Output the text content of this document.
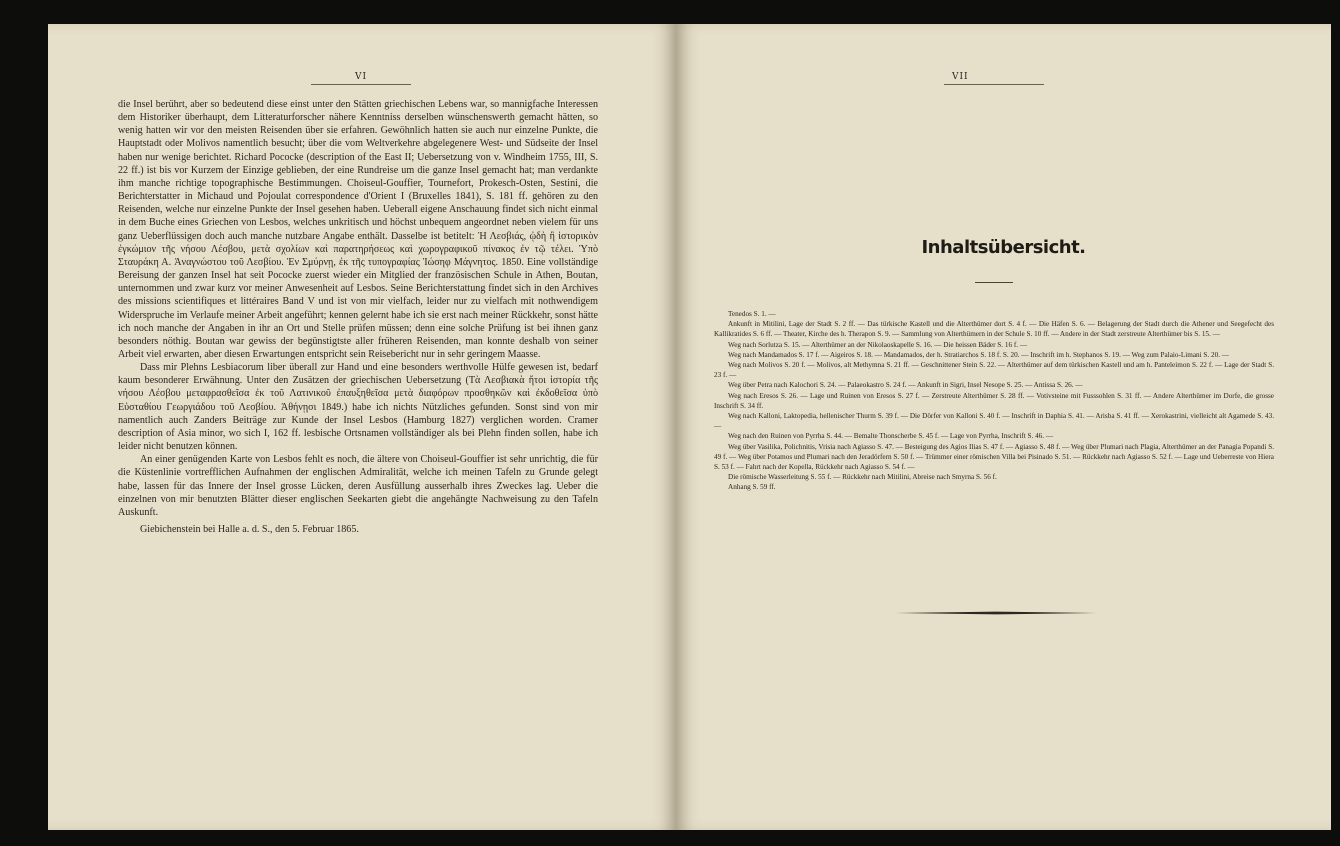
VI

die Insel berührt, aber so bedeutend diese einst unter den Stätten griechischen Lebens war, so mannigfache Interessen dem Historiker überhaupt, dem Litteraturforscher nähere Kenntniss derselben wünschenswerth gemacht hätten, so wenig hatten wir vor den meisten Reisenden über sie erfahren. Gewöhnlich hatten sie auch nur einzelne Punkte, die Hauptstadt oder Molivos namentlich besucht; über die vom Weltverkehre abgelegenere West- und Südseite der Insel haben nur wenige berichtet. Richard Pococke (description of the East II; Uebersetzung von v. Windheim 1755, III, S. 22 ff.) ist bis vor Kurzem der Einzige geblieben, der eine Rundreise um die ganze Insel gemacht hat; man verdankte ihm manche richtige topographische Bestimmungen. Choiseul-Gouffier, Tournefort, Prokesch-Osten, Sestini, die Berichterstatter in Michaud und Pojoulat correspondence d'Orient I (Bruxelles 1841), S. 181 ff. gehören zu den Reisenden, welche nur einzelne Punkte der Insel gesehen haben. Ueberall eigene Anschauung findet sich nicht einmal in dem Buche eines Griechen von Lesbos, welches unkritisch und höchst unbequem angeordnet neben vielem für uns ganz Ueberflüssigen doch auch manche nutzbare Angabe enthält. Dasselbe ist betitelt: Ἡ Λεσβιάς, ᾠδὴ ἢ ἱστορικὸν ἐγκώμιον τῆς νήσου Λέσβου, μετὰ σχολίων καὶ παρατηρήσεως καὶ χωρογραφικοῦ πίνακος ἐν τῷ τέλει. Ὑπὸ Σταυράκη Α. Ἀναγνώστου τοῦ Λεσβίου. Ἐν Σμύρνῃ, ἐκ τῆς τυπογραφίας Ἰώσηφ Μάγνητος. 1850. Eine vollständige Bereisung der ganzen Insel hat seit Pococke zuerst wieder ein Mitglied der französischen Schule in Athen, Boutan, unternommen und zwar kurz vor meiner Anwesenheit auf Lesbos. Seine Berichterstattung findet sich in den Archives des missions scientifiques et littéraires Band V und ist von mir vielfach, leider nur zu vielfach mit nothwendigem Widerspruche im Verlaufe meiner Arbeit angeführt; kennen gelernt habe ich sie erst nach meiner Rückkehr, sonst hätte ich noch manche der Angaben in ihr an Ort und Stelle prüfen müssen; denn eine solche Prüfung ist bei ihnen ganz besonders nöthig. Boutan war gewiss der begünstigtste aller früheren Reisenden, man konnte deshalb von seiner Arbeit viel erwarten, aber diesen Erwartungen entspricht sein Reisebericht nur in sehr geringem Maasse.

Dass mir Plehns Lesbiacorum liber überall zur Hand und eine besonders werthvolle Hülfe gewesen ist, bedarf kaum besonderer Erwähnung. Unter den Zusätzen der griechischen Uebersetzung (Τὰ Λεσβιακὰ ἤτοι ἱστορία τῆς νήσου Λέσβου μεταφρασθεῖσα ἐκ τοῦ Λατινικοῦ ἐπαυξηθεῖσα μετὰ διαφόρων προσθηκῶν καὶ ἐκδοθεῖσα ὑπὸ Εὐσταθίου Γεωργιάδου τοῦ Λεσβίου. Ἀθήνῃσι 1849.) habe ich nichts Nützliches gefunden. Sonst sind von mir namentlich auch Zanders Beiträge zur Kunde der Insel Lesbos (Hamburg 1827) verglichen worden. Cramer description of Asia minor, wo sich I, 162 ff. lesbische Ortsnamen vollständiger als bei Plehn finden sollen, habe ich leider nicht benutzen können.

An einer genügenden Karte von Lesbos fehlt es noch, die ältere von Choiseul-Gouffier ist sehr unrichtig, die für die Küstenlinie vortrefflichen Aufnahmen der englischen Admiralität, welche ich meinen Tafeln zu Grunde gelegt habe, lassen für das Innere der Insel grosse Lücken, deren Ausfüllung ausserhalb ihres Zweckes lag. Ueber die einzelnen von mir benutzten Blätter dieser englischen Seekarten giebt die angehängte Nachweisung zu den Tafeln Auskunft.

Giebichenstein bei Halle a. d. S., den 5. Februar 1865.
VII
Inhaltsübersicht.
Tenedos S. 1. —
Ankunft in Mitilini, Lage der Stadt S. 2 ff. — Das türkische Kastell und die Alterthümer dort S. 4 f. — Die Häfen S. 6. — Belagerung der Stadt durch die Athener und Seegefecht des Kallikratides S. 6 ff. — Theater, Kirche des h. Therapon S. 9. — Sammlung von Alterthümern in der Schule S. 10 ff. — Andere in der Stadt zerstreute Alterthümer bis S. 15. —
Weg nach Sorlutza S. 15. — Alterthümer an der Nikolaoskapelle S. 16. — Die heissen Bäder S. 16 f. —
Weg nach Mandamados S. 17 f. — Aigeiros S. 18. — Mandamados, der h. Stratiarchos S. 18 f. S. 20. — Inschrift im h. Stephanos S. 19. — Weg zum Palaio-Limani S. 20. —
Weg nach Molivos S. 20 f. — Molivos, alt Methymna S. 21 ff. — Geschnittener Stein S. 22. — Alterthümer auf dem türkischen Kastell und am h. Panteleimon S. 22 f. — Lage der Stadt S. 23 f. —
Weg über Petra nach Kalochori S. 24. — Palaeokastro S. 24 f. — Ankunft in Sigri, Insel Nesope S. 25. — Antissa S. 26. —
Weg nach Eresos S. 26. — Lage und Ruinen von Eresos S. 27 f. — Zerstreute Alterthümer S. 28 ff. — Votivsteine mit Fusssohlen S. 31 ff. — Andere Alterthümer im Dorfe, die grosse Inschrift S. 34 ff.
Weg nach Kalloni, Laktopedia, hellenischer Thurm S. 39 f. — Die Dörfer von Kalloni S. 40 f. — Inschrift in Daphia S. 41. — Arisba S. 41 ff. — Xerokastrini, vielleicht alt Agamede S. 43. —
Weg nach den Ruinen von Pyrrha S. 44. — Bemalte Thonscherbe S. 45 f. — Lage von Pyrrha, Inschrift S. 46. —
Weg über Vasilika, Polichnitis, Vrisia nach Agiasso S. 47. — Besteigung des Agios Ilias S. 47 f. — Agiasso S. 48 f. — Weg über Plumari nach Plagia, Alterthümer an der Panagia Popandi S. 49 f. — Weg über Potamos und Plumari nach den Jeradörfern S. 50 f. — Trümmer einer römischen Villa bei Pisinado S. 51. — Rückkehr nach Agiasso S. 52 f. — Lage und Ueberreste von Hiera S. 53 f. — Fahrt nach der Kopella, Rückkehr nach Agiasso S. 54 f. —
Die römische Wasserleitung S. 55 f. — Rückkehr nach Mitilini, Abreise nach Smyrna S. 56 f.
Anhang S. 59 ff.
